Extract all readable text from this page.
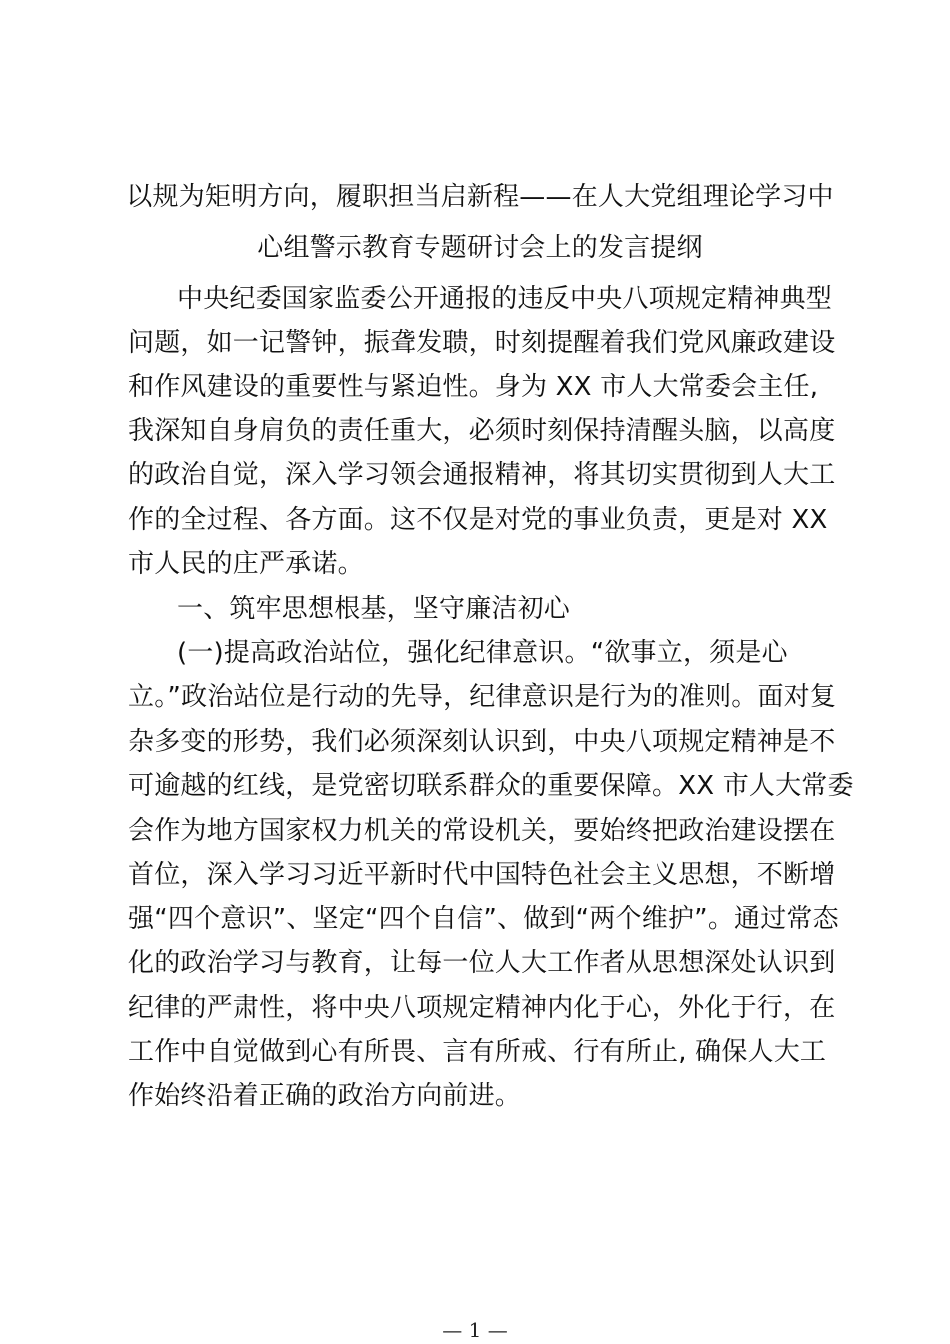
以规为矩明方向，履职担当启新程——在人大党组理论学习中
心组警示教育专题研讨会上的发言提纲
中央纪委国家监委公开通报的违反中央八项规定精神典型
问题，如一记警钟，振聋发聩，时刻提醒着我们党风廉政建设
和作风建设的重要性与紧迫性。身为 XX 市人大常委会主任,
我深知自身肩负的责任重大，必须时刻保持清醒头脑，以高度
的政治自觉，深入学习领会通报精神，将其切实贯彻到人大工
作的全过程、各方面。这不仅是对党的事业负责，更是对 XX
市人民的庄严承诺。
一、筑牢思想根基，坚守廉洁初心
(一)提高政治站位，强化纪律意识。“欲事立，须是心
立。”政治站位是行动的先导，纪律意识是行为的准则。面对复
杂多变的形势，我们必须深刻认识到，中央八项规定精神是不
可逾越的红线，是党密切联系群众的重要保障。XX 市人大常委
会作为地方国家权力机关的常设机关，要始终把政治建设摆在
首位，深入学习习近平新时代中国特色社会主义思想，不断增
强“四个意识”、坚定“四个自信”、做到“两个维护”。通过常态
化的政治学习与教育，让每一位人大工作者从思想深处认识到
纪律的严肃性，将中央八项规定精神内化于心，外化于行，在
工作中自觉做到心有所畏、言有所戒、行有所止, 确保人大工
作始终沿着正确的政治方向前进。
— 1 —
